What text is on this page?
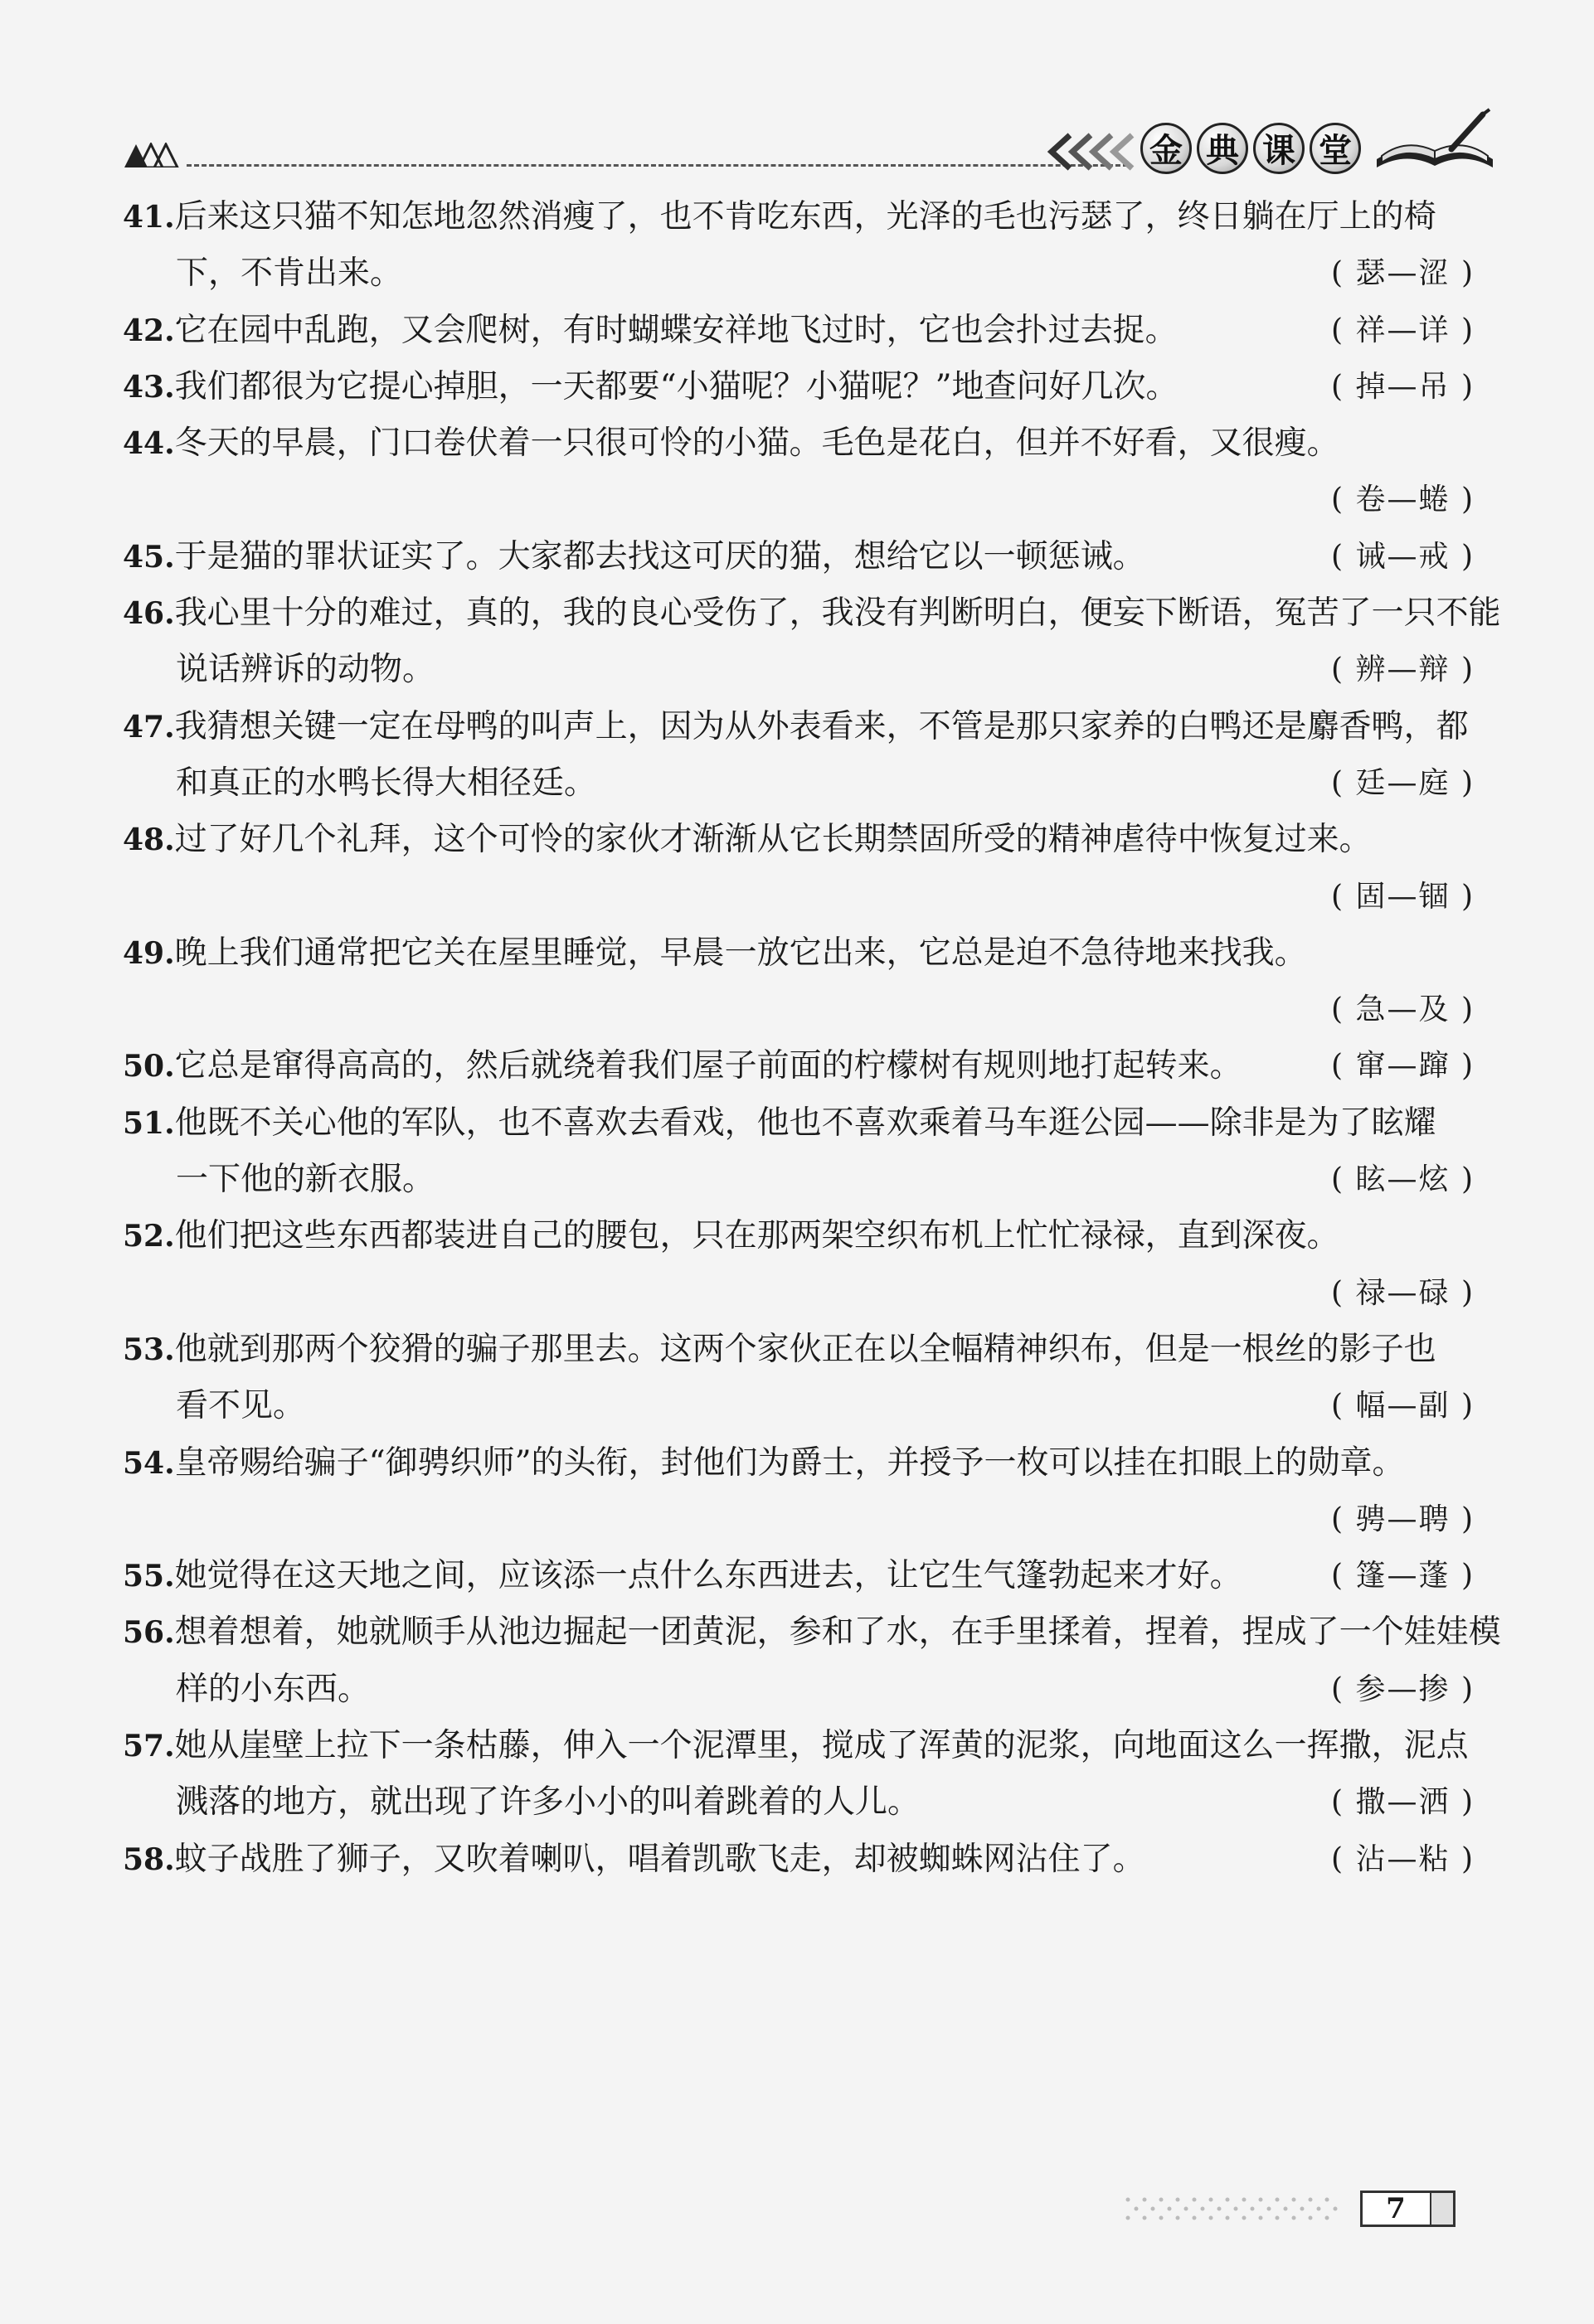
金 典 课 堂
41.后来这只猫不知怎地忽然消瘦了，也不肯吃东西，光泽的毛也污瑟了，终日躺在厅上的椅
下，不肯出来。	( 瑟—涩 )
42.它在园中乱跑，又会爬树，有时蝴蝶安祥地飞过时，它也会扑过去捉。	( 祥—详 )
43.我们都很为它提心掉胆，一天都要“小猫呢？小猫呢？”地查问好几次。	( 掉—吊 )
44.冬天的早晨，门口卷伏着一只很可怜的小猫。毛色是花白，但并不好看，又很瘦。
( 卷—蜷 )
45.于是猫的罪状证实了。大家都去找这可厌的猫，想给它以一顿惩诫。	( 诫—戒 )
46.我心里十分的难过，真的，我的良心受伤了，我没有判断明白，便妄下断语，冤苦了一只不能
说话辨诉的动物。	( 辨—辩 )
47.我猜想关键一定在母鸭的叫声上，因为从外表看来，不管是那只家养的白鸭还是麝香鸭，都
和真正的水鸭长得大相径廷。	( 廷—庭 )
48.过了好几个礼拜，这个可怜的家伙才渐渐从它长期禁固所受的精神虐待中恢复过来。
( 固—锢 )
49.晚上我们通常把它关在屋里睡觉，早晨一放它出来，它总是迫不急待地来找我。
( 急—及 )
50.它总是窜得高高的，然后就绕着我们屋子前面的柠檬树有规则地打起转来。	( 窜—蹿 )
51.他既不关心他的军队，也不喜欢去看戏，他也不喜欢乘着马车逛公园——除非是为了眩耀
一下他的新衣服。	( 眩—炫 )
52.他们把这些东西都装进自己的腰包，只在那两架空织布机上忙忙禄禄，直到深夜。
( 禄—碌 )
53.他就到那两个狡猾的骗子那里去。这两个家伙正在以全幅精神织布，但是一根丝的影子也
看不见。	( 幅—副 )
54.皇帝赐给骗子“御骋织师”的头衔，封他们为爵士，并授予一枚可以挂在扣眼上的勋章。
( 骋—聘 )
55.她觉得在这天地之间，应该添一点什么东西进去，让它生气篷勃起来才好。	( 篷—蓬 )
56.想着想着，她就顺手从池边掘起一团黄泥，参和了水，在手里揉着，捏着，捏成了一个娃娃模
样的小东西。	( 参—掺 )
57.她从崖壁上拉下一条枯藤，伸入一个泥潭里，搅成了浑黄的泥浆，向地面这么一挥撒，泥点
溅落的地方，就出现了许多小小的叫着跳着的人儿。	( 撒—洒 )
58.蚊子战胜了狮子，又吹着喇叭，唱着凯歌飞走，却被蜘蛛网沾住了。	( 沾—粘 )
7
